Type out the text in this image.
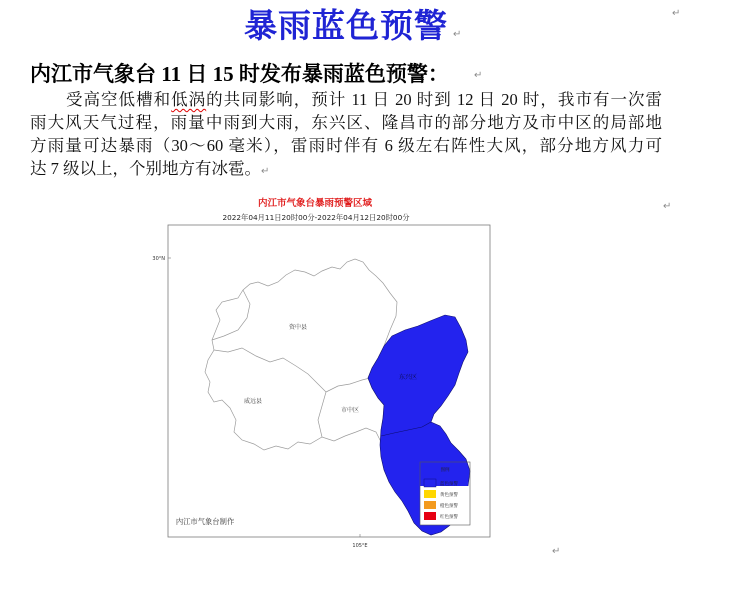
↵
暴雨蓝色预警 ↵
内江市气象台 11 日 15 时发布暴雨蓝色预警：	↵
受高空低槽和低涡的共同影响，预计 11 日 20 时到 12 日 20 时，我市有一次雷
雨大风天气过程，雨量中雨到大雨，东兴区、隆昌市的部分地方及市中区的局部地
方雨量可达暴雨（30～60 毫米），雷雨时伴有 6 级左右阵性大风，部分地方风力可
达 7 级以上，个别地方有冰雹。↵
↵
内江市气象台暴雨预警区域
2022年04月11日20时00分-2022年04月12日20时00分
30°N
资中县
威远县
市中区
东兴区
图例
蓝色预警
黄色预警
橙色预警
红色预警
内江市气象台制作
105°E	↵
